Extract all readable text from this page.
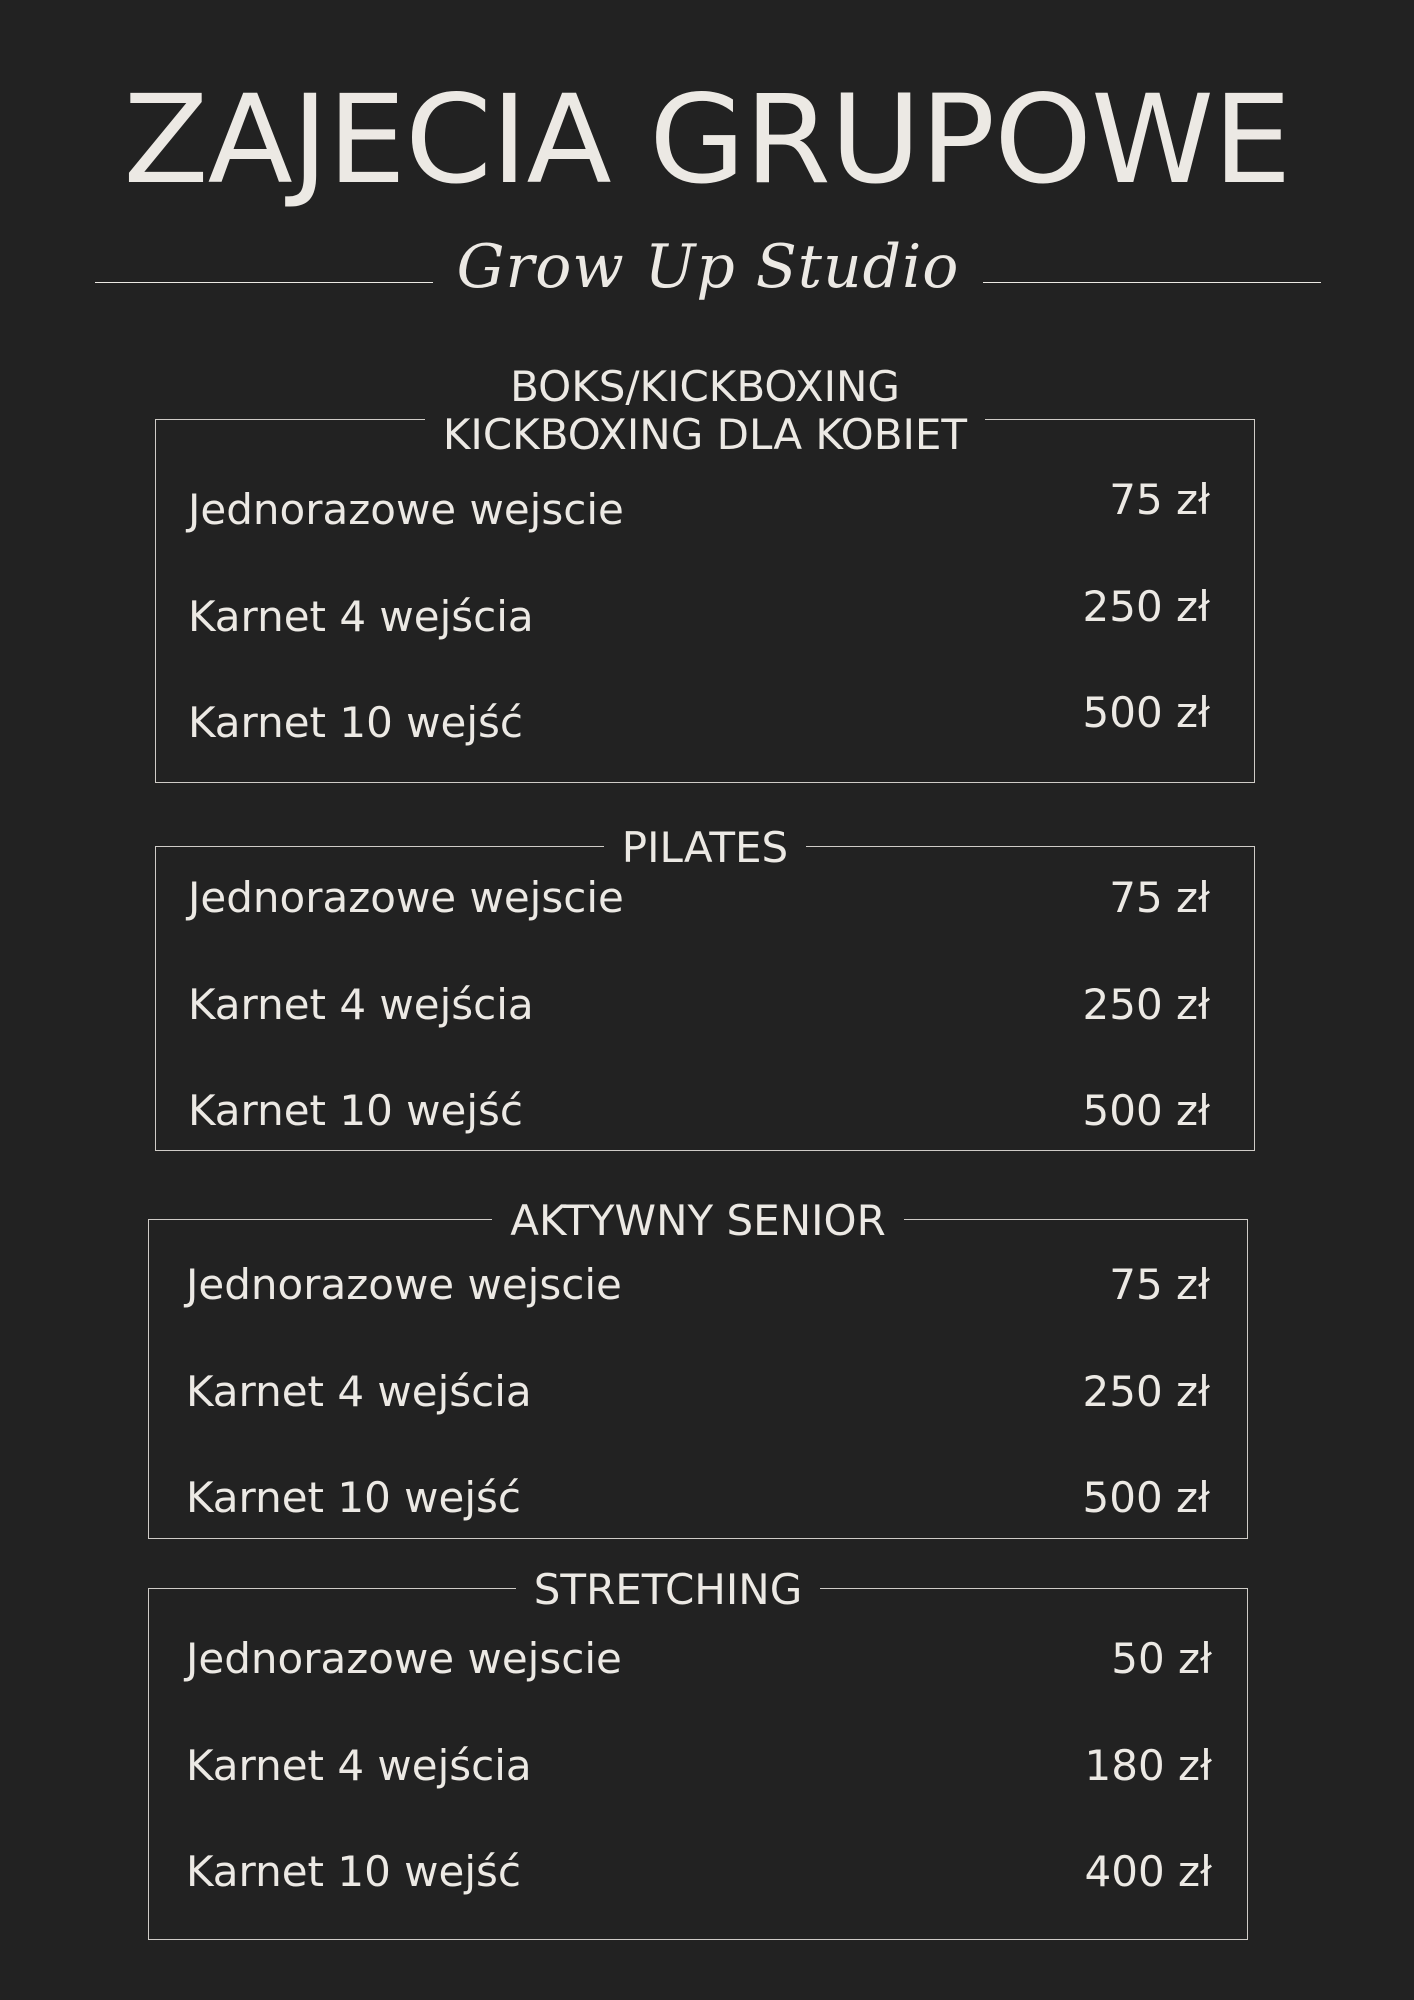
ZAJECIA GRUPOWE
Grow Up Studio
BOKS/KICKBOXING
KICKBOXING DLA KOBIET
Jednorazowe wejscie	75 zł
Karnet 4 wejścia	250 zł
Karnet 10 wejść	500 zł
PILATES
Jednorazowe wejscie	75 zł
Karnet 4 wejścia	250 zł
Karnet 10 wejść	500 zł
AKTYWNY SENIOR
Jednorazowe wejscie	75 zł
Karnet 4 wejścia	250 zł
Karnet 10 wejść	500 zł
STRETCHING
Jednorazowe wejscie	50 zł
Karnet 4 wejścia	180 zł
Karnet 10 wejść	400 zł
